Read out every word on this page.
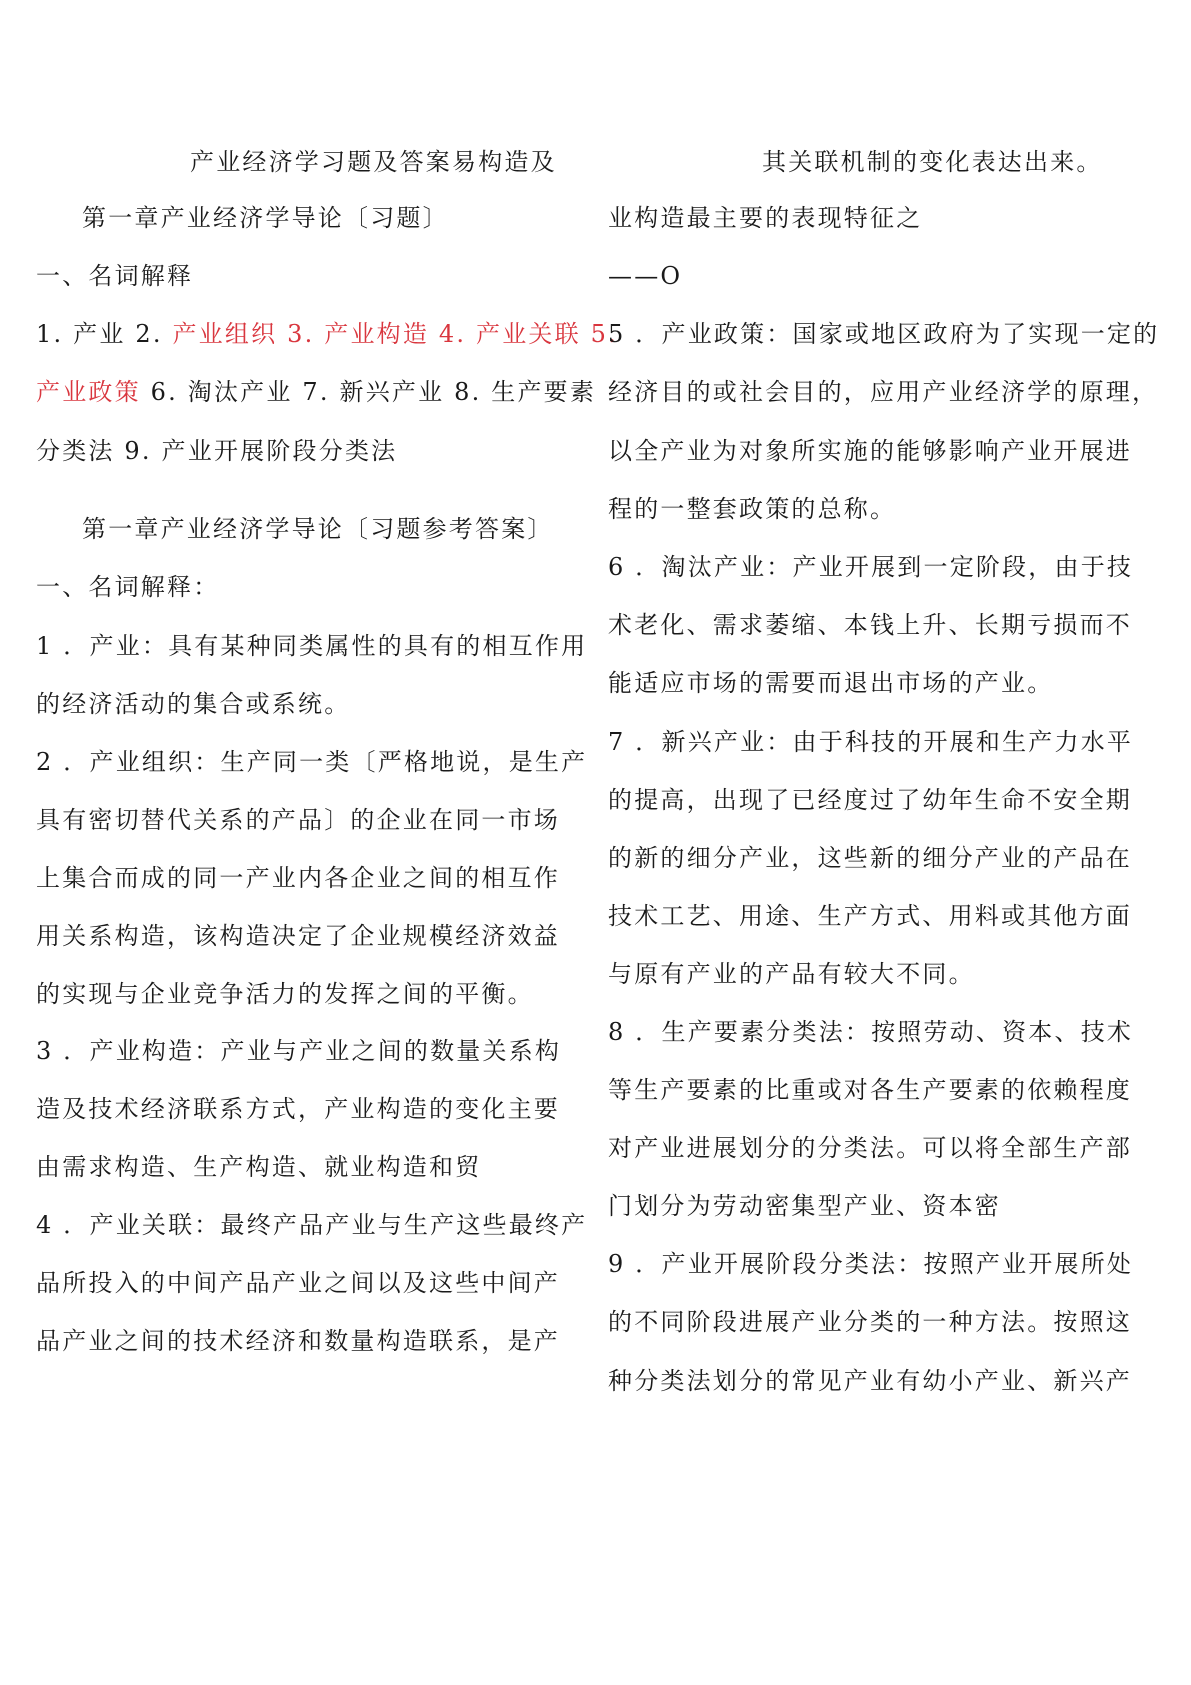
产业经济学习题及答案易构造及
第一章产业经济学导论〔习题〕
一、名词解释
1. 产业 2. 产业组织 3. 产业构造 4. 产业关联 5.
产业政策 6. 淘汰产业 7. 新兴产业 8. 生产要素
分类法 9. 产业开展阶段分类法
第一章产业经济学导论〔习题参考答案〕
一、名词解释：
1 ．产业：具有某种同类属性的具有的相互作用
的经济活动的集合或系统。
2 ．产业组织：生产同一类〔严格地说，是生产
具有密切替代关系的产品〕的企业在同一市场
上集合而成的同一产业内各企业之间的相互作
用关系构造，该构造决定了企业规模经济效益
的实现与企业竞争活力的发挥之间的平衡。
3 ．产业构造：产业与产业之间的数量关系构
造及技术经济联系方式，产业构造的变化主要
由需求构造、生产构造、就业构造和贸
4 ．产业关联：最终产品产业与生产这些最终产
品所投入的中间产品产业之间以及这些中间产
品产业之间的技术经济和数量构造联系，是产
其关联机制的变化表达出来。
业构造最主要的表现特征之
——O
5 ．产业政策：国家或地区政府为了实现一定的
经济目的或社会目的，应用产业经济学的原理，
以全产业为对象所实施的能够影响产业开展进
程的一整套政策的总称。
6 ．淘汰产业：产业开展到一定阶段，由于技
术老化、需求萎缩、本钱上升、长期亏损而不
能适应市场的需要而退出市场的产业。
7 ．新兴产业：由于科技的开展和生产力水平
的提高，出现了已经度过了幼年生命不安全期
的新的细分产业，这些新的细分产业的产品在
技术工艺、用途、生产方式、用料或其他方面
与原有产业的产品有较大不同。
8 ．生产要素分类法：按照劳动、资本、技术
等生产要素的比重或对各生产要素的依赖程度
对产业进展划分的分类法。可以将全部生产部
门划分为劳动密集型产业、资本密
9 ．产业开展阶段分类法：按照产业开展所处
的不同阶段进展产业分类的一种方法。按照这
种分类法划分的常见产业有幼小产业、新兴产
